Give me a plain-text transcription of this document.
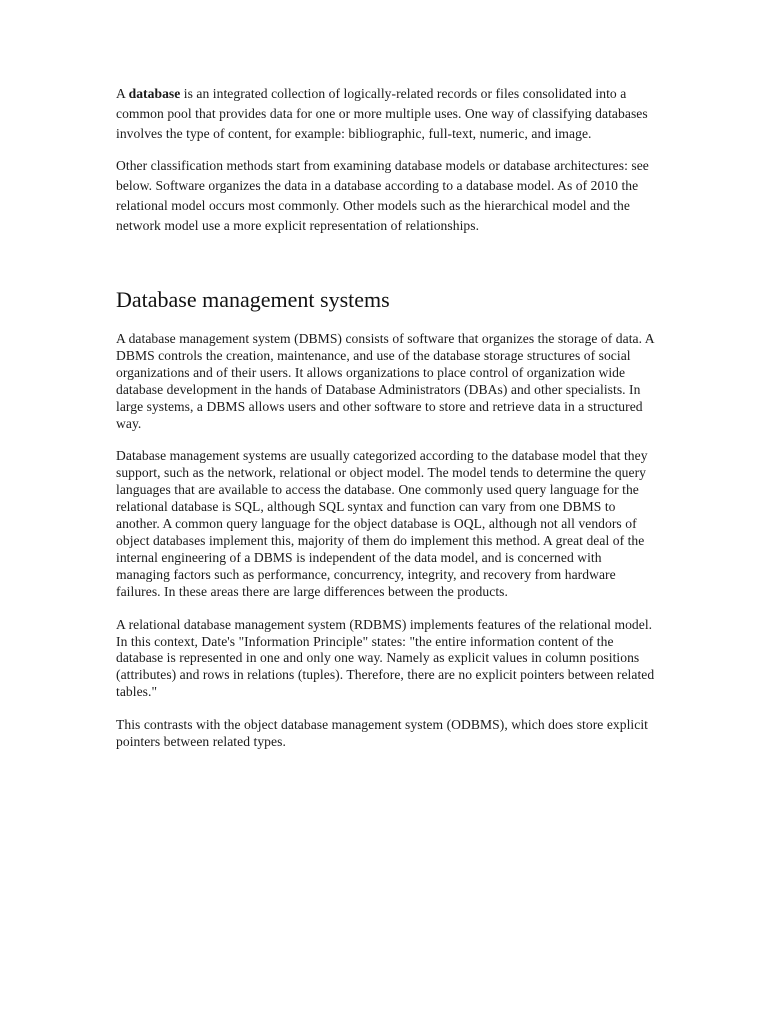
A database is an integrated collection of logically-related records or files consolidated into a common pool that provides data for one or more multiple uses. One way of classifying databases involves the type of content, for example: bibliographic, full-text, numeric, and image.

Other classification methods start from examining database models or database architectures: see below. Software organizes the data in a database according to a database model. As of 2010 the relational model occurs most commonly. Other models such as the hierarchical model and the network model use a more explicit representation of relationships.

Database management systems

A database management system (DBMS) consists of software that organizes the storage of data. A DBMS controls the creation, maintenance, and use of the database storage structures of social organizations and of their users. It allows organizations to place control of organization wide database development in the hands of Database Administrators (DBAs) and other specialists. In large systems, a DBMS allows users and other software to store and retrieve data in a structured way.

Database management systems are usually categorized according to the database model that they support, such as the network, relational or object model. The model tends to determine the query languages that are available to access the database. One commonly used query language for the relational database is SQL, although SQL syntax and function can vary from one DBMS to another. A common query language for the object database is OQL, although not all vendors of object databases implement this, majority of them do implement this method. A great deal of the internal engineering of a DBMS is independent of the data model, and is concerned with managing factors such as performance, concurrency, integrity, and recovery from hardware failures. In these areas there are large differences between the products.

A relational database management system (RDBMS) implements features of the relational model. In this context, Date's "Information Principle" states: "the entire information content of the database is represented in one and only one way. Namely as explicit values in column positions (attributes) and rows in relations (tuples). Therefore, there are no explicit pointers between related tables."

This contrasts with the object database management system (ODBMS), which does store explicit pointers between related types.
